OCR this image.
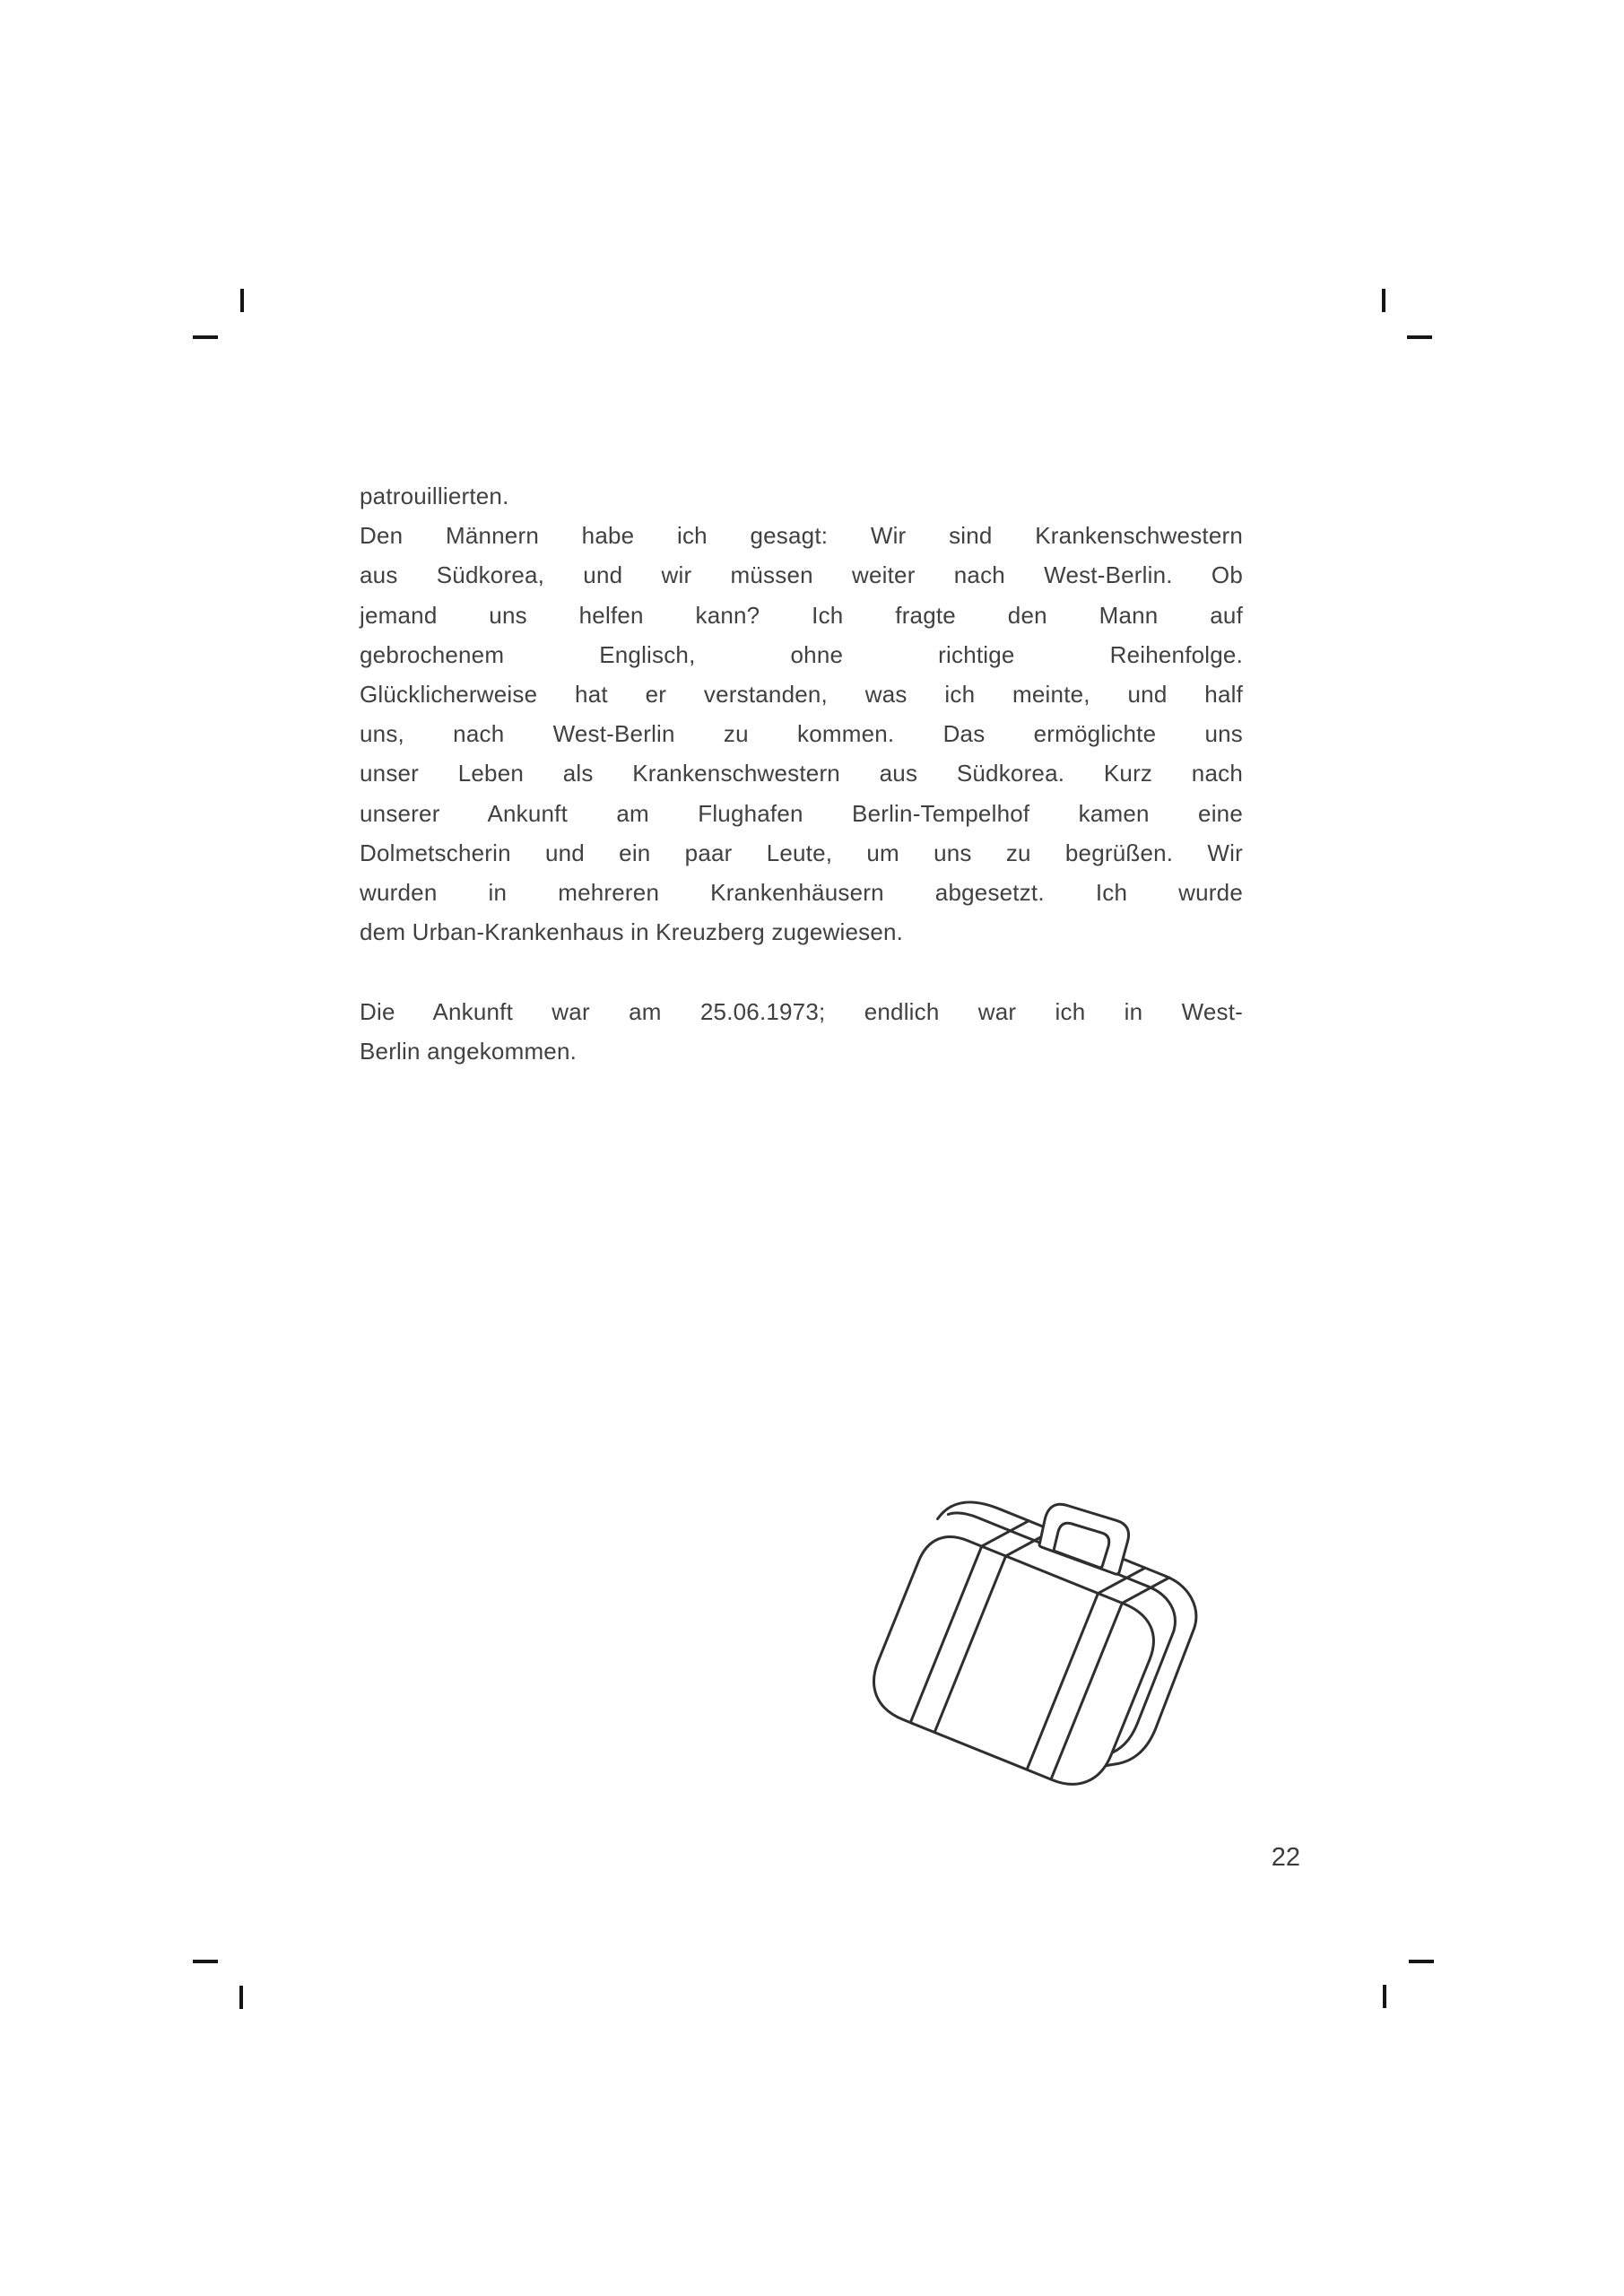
patrouillierten.
Den Männern habe ich gesagt: Wir sind Krankenschwestern
aus Südkorea, und wir müssen weiter nach West-Berlin. Ob
jemand uns helfen kann? Ich fragte den Mann auf
gebrochenem Englisch, ohne richtige Reihenfolge.
Glücklicherweise hat er verstanden, was ich meinte, und half
uns, nach West-Berlin zu kommen. Das ermöglichte uns
unser Leben als Krankenschwestern aus Südkorea. Kurz nach
unserer Ankunft am Flughafen Berlin-Tempelhof kamen eine
Dolmetscherin und ein paar Leute, um uns zu begrüßen. Wir
wurden in mehreren Krankenhäusern abgesetzt. Ich wurde
dem Urban-Krankenhaus in Kreuzberg zugewiesen.
Die Ankunft war am 25.06.1973; endlich war ich in West-
Berlin angekommen.
22
